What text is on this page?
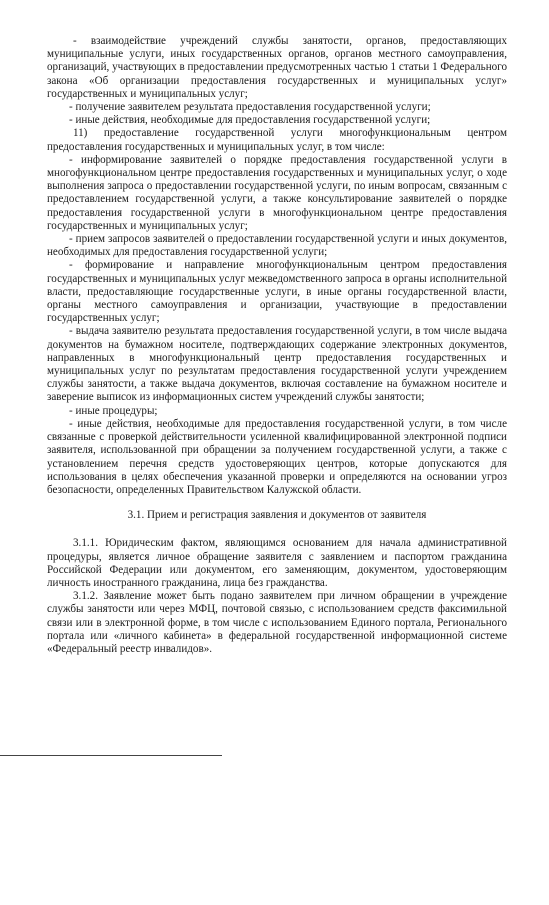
- взаимодействие учреждений службы занятости, органов, предоставляющих муниципальные услуги, иных государственных органов, органов местного самоуправления, организаций, участвующих в предоставлении предусмотренных частью 1 статьи 1 Федерального закона «Об организации предоставления государственных и муниципальных услуг» государственных и муниципальных услуг;

- получение заявителем результата предоставления государственной услуги;

- иные действия, необходимые для предоставления государственной услуги;

11) предоставление государственной услуги многофункциональным центром предоставления государственных и муниципальных услуг, в том числе:

- информирование заявителей о порядке предоставления государственной услуги в многофункциональном центре предоставления государственных и муниципальных услуг, о ходе выполнения запроса о предоставлении государственной услуги, по иным вопросам, связанным с предоставлением государственной услуги, а также консультирование заявителей о порядке предоставления государственной услуги в многофункциональном центре предоставления государственных и муниципальных услуг;

- прием запросов заявителей о предоставлении государственной услуги и иных документов, необходимых для предоставления государственной услуги;

- формирование и направление многофункциональным центром предоставления государственных и муниципальных услуг межведомственного запроса в органы исполнительной власти, предоставляющие государственные услуги, в иные органы государственной власти, органы местного самоуправления и организации, участвующие в предоставлении государственных услуг;

- выдача заявителю результата предоставления государственной услуги, в том числе выдача документов на бумажном носителе, подтверждающих содержание электронных документов, направленных в многофункциональный центр предоставления государственных и муниципальных услуг по результатам предоставления государственной услуги учреждением службы занятости, а также выдача документов, включая составление на бумажном носителе и заверение выписок из информационных систем учреждений службы занятости;

- иные процедуры;

- иные действия, необходимые для предоставления государственной услуги, в том числе связанные с проверкой действительности усиленной квалифицированной электронной подписи заявителя, использованной при обращении за получением государственной услуги, а также с установлением перечня средств удостоверяющих центров, которые допускаются для использования в целях обеспечения указанной проверки и определяются на основании угроз безопасности, определенных Правительством Калужской области.

3.1. Прием и регистрация заявления и документов от заявителя

3.1.1. Юридическим фактом, являющимся основанием для начала административной процедуры, является личное обращение заявителя с заявлением и паспортом гражданина Российской Федерации или документом, его заменяющим, документом, удостоверяющим личность иностранного гражданина, лица без гражданства.

3.1.2. Заявление может быть подано заявителем при личном обращении в учреждение службы занятости или через МФЦ, почтовой связью, с использованием средств факсимильной связи или в электронной форме, в том числе с использованием Единого портала, Регионального портала или «личного кабинета» в федеральной государственной информационной системе «Федеральный реестр инвалидов».
